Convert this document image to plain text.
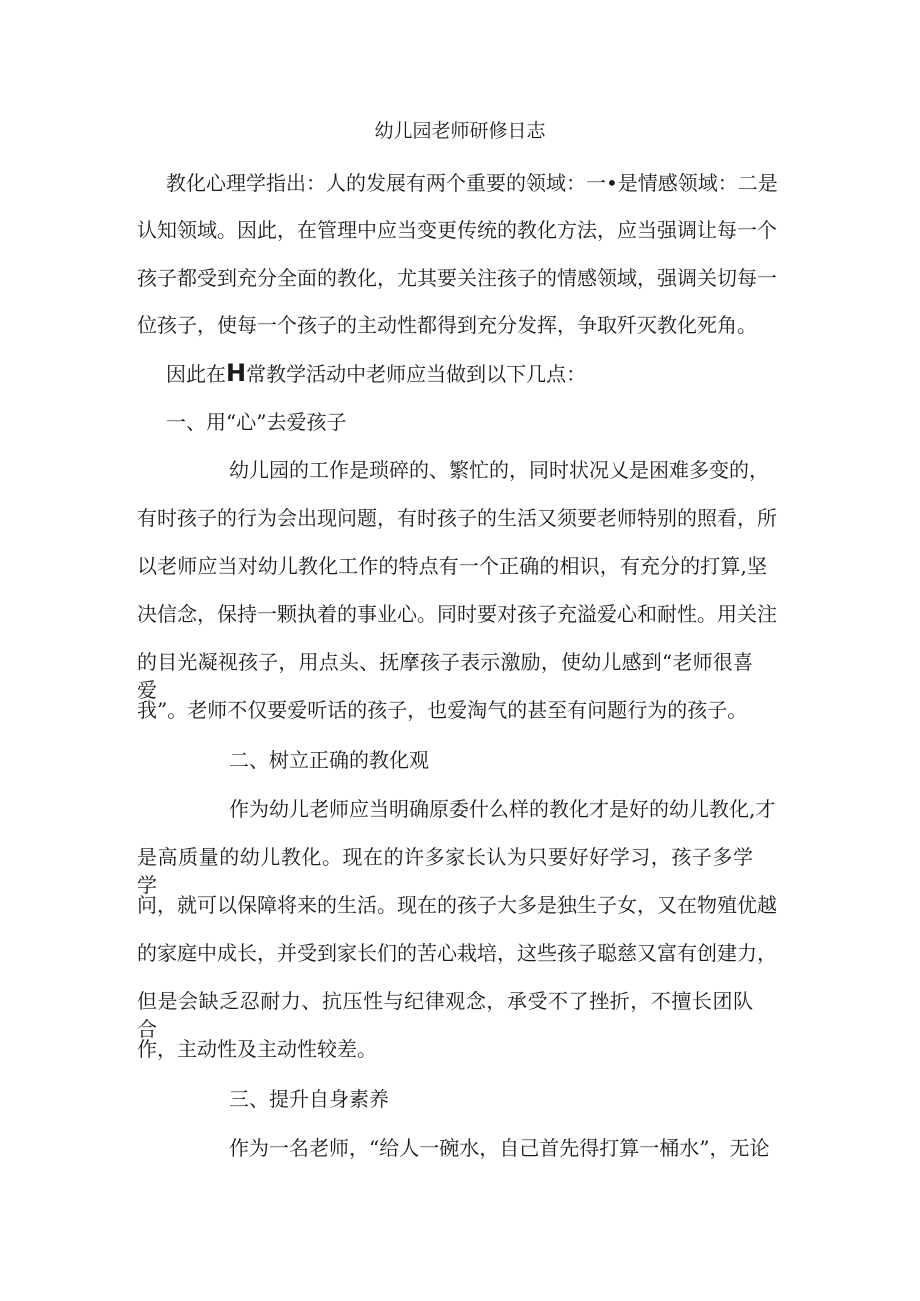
幼儿园老师研修日志

教化心理学指出：人的发展有两个重要的领域：一•是情感领域：二是

认知领域。因此，在管理中应当变更传统的教化方法，应当强调让每一个

孩子都受到充分全面的教化，尤其要关注孩子的情感领域，强调关切每一

位孩子，使每一个孩子的主动性都得到充分发挥，争取歼灭教化死角。

因此在H常教学活动中老师应当做到以下几点：

一、用“心”去爱孩子

幼儿园的工作是琐碎的、繁忙的，同时状况乂是困难多变的，

有时孩子的行为会出现问题，有时孩子的生活又须要老师特别的照看，所

以老师应当对幼儿教化工作的特点有一个正确的相识，有充分的打算,坚

决信念，保持一颗执着的事业心。同时要对孩子充溢爱心和耐性。用关注

的目光凝视孩子，用点头、抚摩孩子表示激励，使幼儿感到“老师很喜爱

我”。老师不仅要爱听话的孩子，也爱淘气的甚至有问题行为的孩子。

二、树立正确的教化观

作为幼儿老师应当明确原委什么样的教化才是好的幼儿教化,才

是高质量的幼儿教化。现在的许多家长认为只要好好学习，孩子多学学

问，就可以保障将来的生活。现在的孩子大多是独生子女，又在物殖优越

的家庭中成长，并受到家长们的苦心栽培，这些孩子聪慈又富有创建力，

但是会缺乏忍耐力、抗压性与纪律观念，承受不了挫折，不擅长团队合

作，主动性及主动性较差。

三、提升自身素养

作为一名老师，“给人一碗水，自己首先得打算一桶水”，无论
